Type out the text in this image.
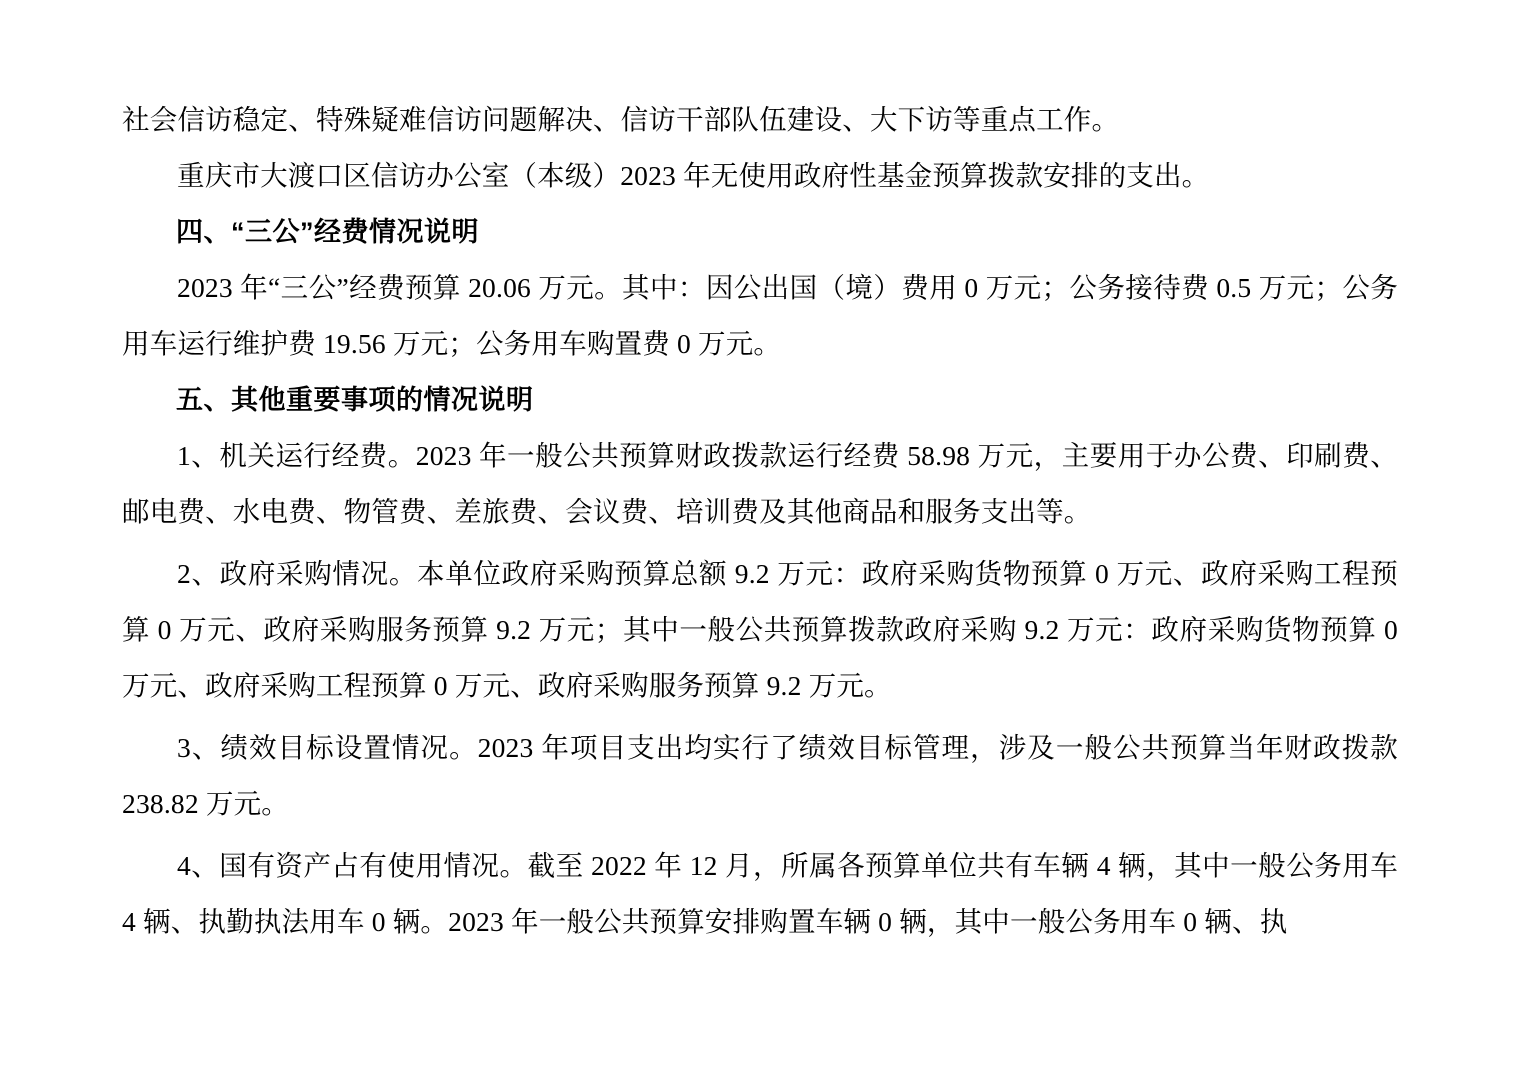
社会信访稳定、特殊疑难信访问题解决、信访干部队伍建设、大下访等重点工作。

重庆市大渡口区信访办公室（本级）2023 年无使用政府性基金预算拨款安排的支出。

四、“三公”经费情况说明

2023 年“三公”经费预算 20.06 万元。其中：因公出国（境）费用 0 万元；公务接待费 0.5 万元；公务用车运行维护费 19.56 万元；公务用车购置费 0 万元。

五、其他重要事项的情况说明

1、机关运行经费。2023 年一般公共预算财政拨款运行经费 58.98 万元，主要用于办公费、印刷费、邮电费、水电费、物管费、差旅费、会议费、培训费及其他商品和服务支出等。

2、政府采购情况。本单位政府采购预算总额 9.2 万元：政府采购货物预算 0 万元、政府采购工程预算 0 万元、政府采购服务预算 9.2 万元；其中一般公共预算拨款政府采购 9.2 万元：政府采购货物预算 0 万元、政府采购工程预算 0 万元、政府采购服务预算 9.2 万元。

3、绩效目标设置情况。2023 年项目支出均实行了绩效目标管理，涉及一般公共预算当年财政拨款 238.82 万元。

4、国有资产占有使用情况。截至 2022 年 12 月，所属各预算单位共有车辆 4 辆，其中一般公务用车 4 辆、执勤执法用车 0 辆。2023 年一般公共预算安排购置车辆 0 辆，其中一般公务用车 0 辆、执
